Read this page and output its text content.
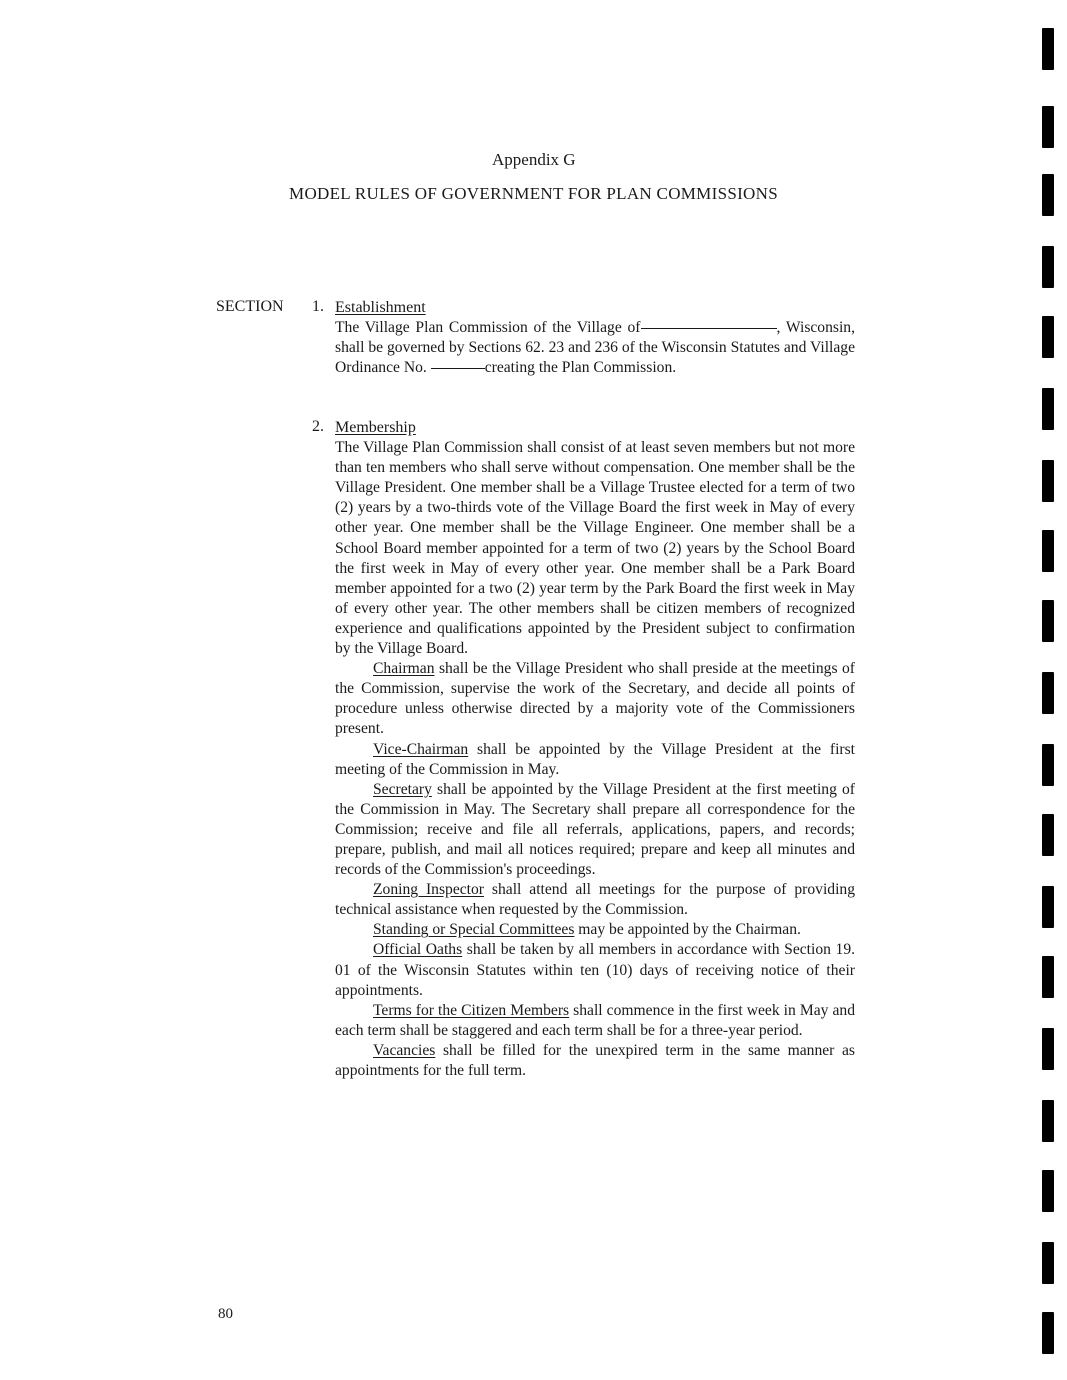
Appendix G
MODEL RULES OF GOVERNMENT FOR PLAN COMMISSIONS
SECTION 1. Establishment

The Village Plan Commission of the Village of	, Wisconsin, shall be governed by Sections 62. 23 and 236 of the Wisconsin Statutes and Village Ordinance No.	creating the Plan Commission.

2. Membership

The Village Plan Commission shall consist of at least seven members but not more than ten members who shall serve without compensation. One member shall be the Village President. One member shall be a Village Trustee elected for a term of two (2) years by a two-thirds vote of the Village Board the first week in May of every other year. One member shall be the Village Engineer. One member shall be a School Board member appointed for a term of two (2) years by the School Board the first week in May of every other year. One member shall be a Park Board member appointed for a two (2) year term by the Park Board the first week in May of every other year. The other members shall be citizen members of recognized experience and qualifications appointed by the President subject to confirmation by the Village Board.

Chairman shall be the Village President who shall preside at the meetings of the Commission, supervise the work of the Secretary, and decide all points of procedure unless otherwise directed by a majority vote of the Commissioners present.

Vice-Chairman shall be appointed by the Village President at the first meeting of the Commission in May.

Secretary shall be appointed by the Village President at the first meeting of the Commission in May. The Secretary shall prepare all correspondence for the Commission; receive and file all referrals, applications, papers, and records; prepare, publish, and mail all notices required; prepare and keep all minutes and records of the Commission's proceedings.

Zoning Inspector shall attend all meetings for the purpose of providing technical assistance when requested by the Commission.

Standing or Special Committees may be appointed by the Chairman.

Official Oaths shall be taken by all members in accordance with Section 19. 01 of the Wisconsin Statutes within ten (10) days of receiving notice of their appointments.

Terms for the Citizen Members shall commence in the first week in May and each term shall be staggered and each term shall be for a three-year period.

Vacancies shall be filled for the unexpired term in the same manner as appointments for the full term.

80
